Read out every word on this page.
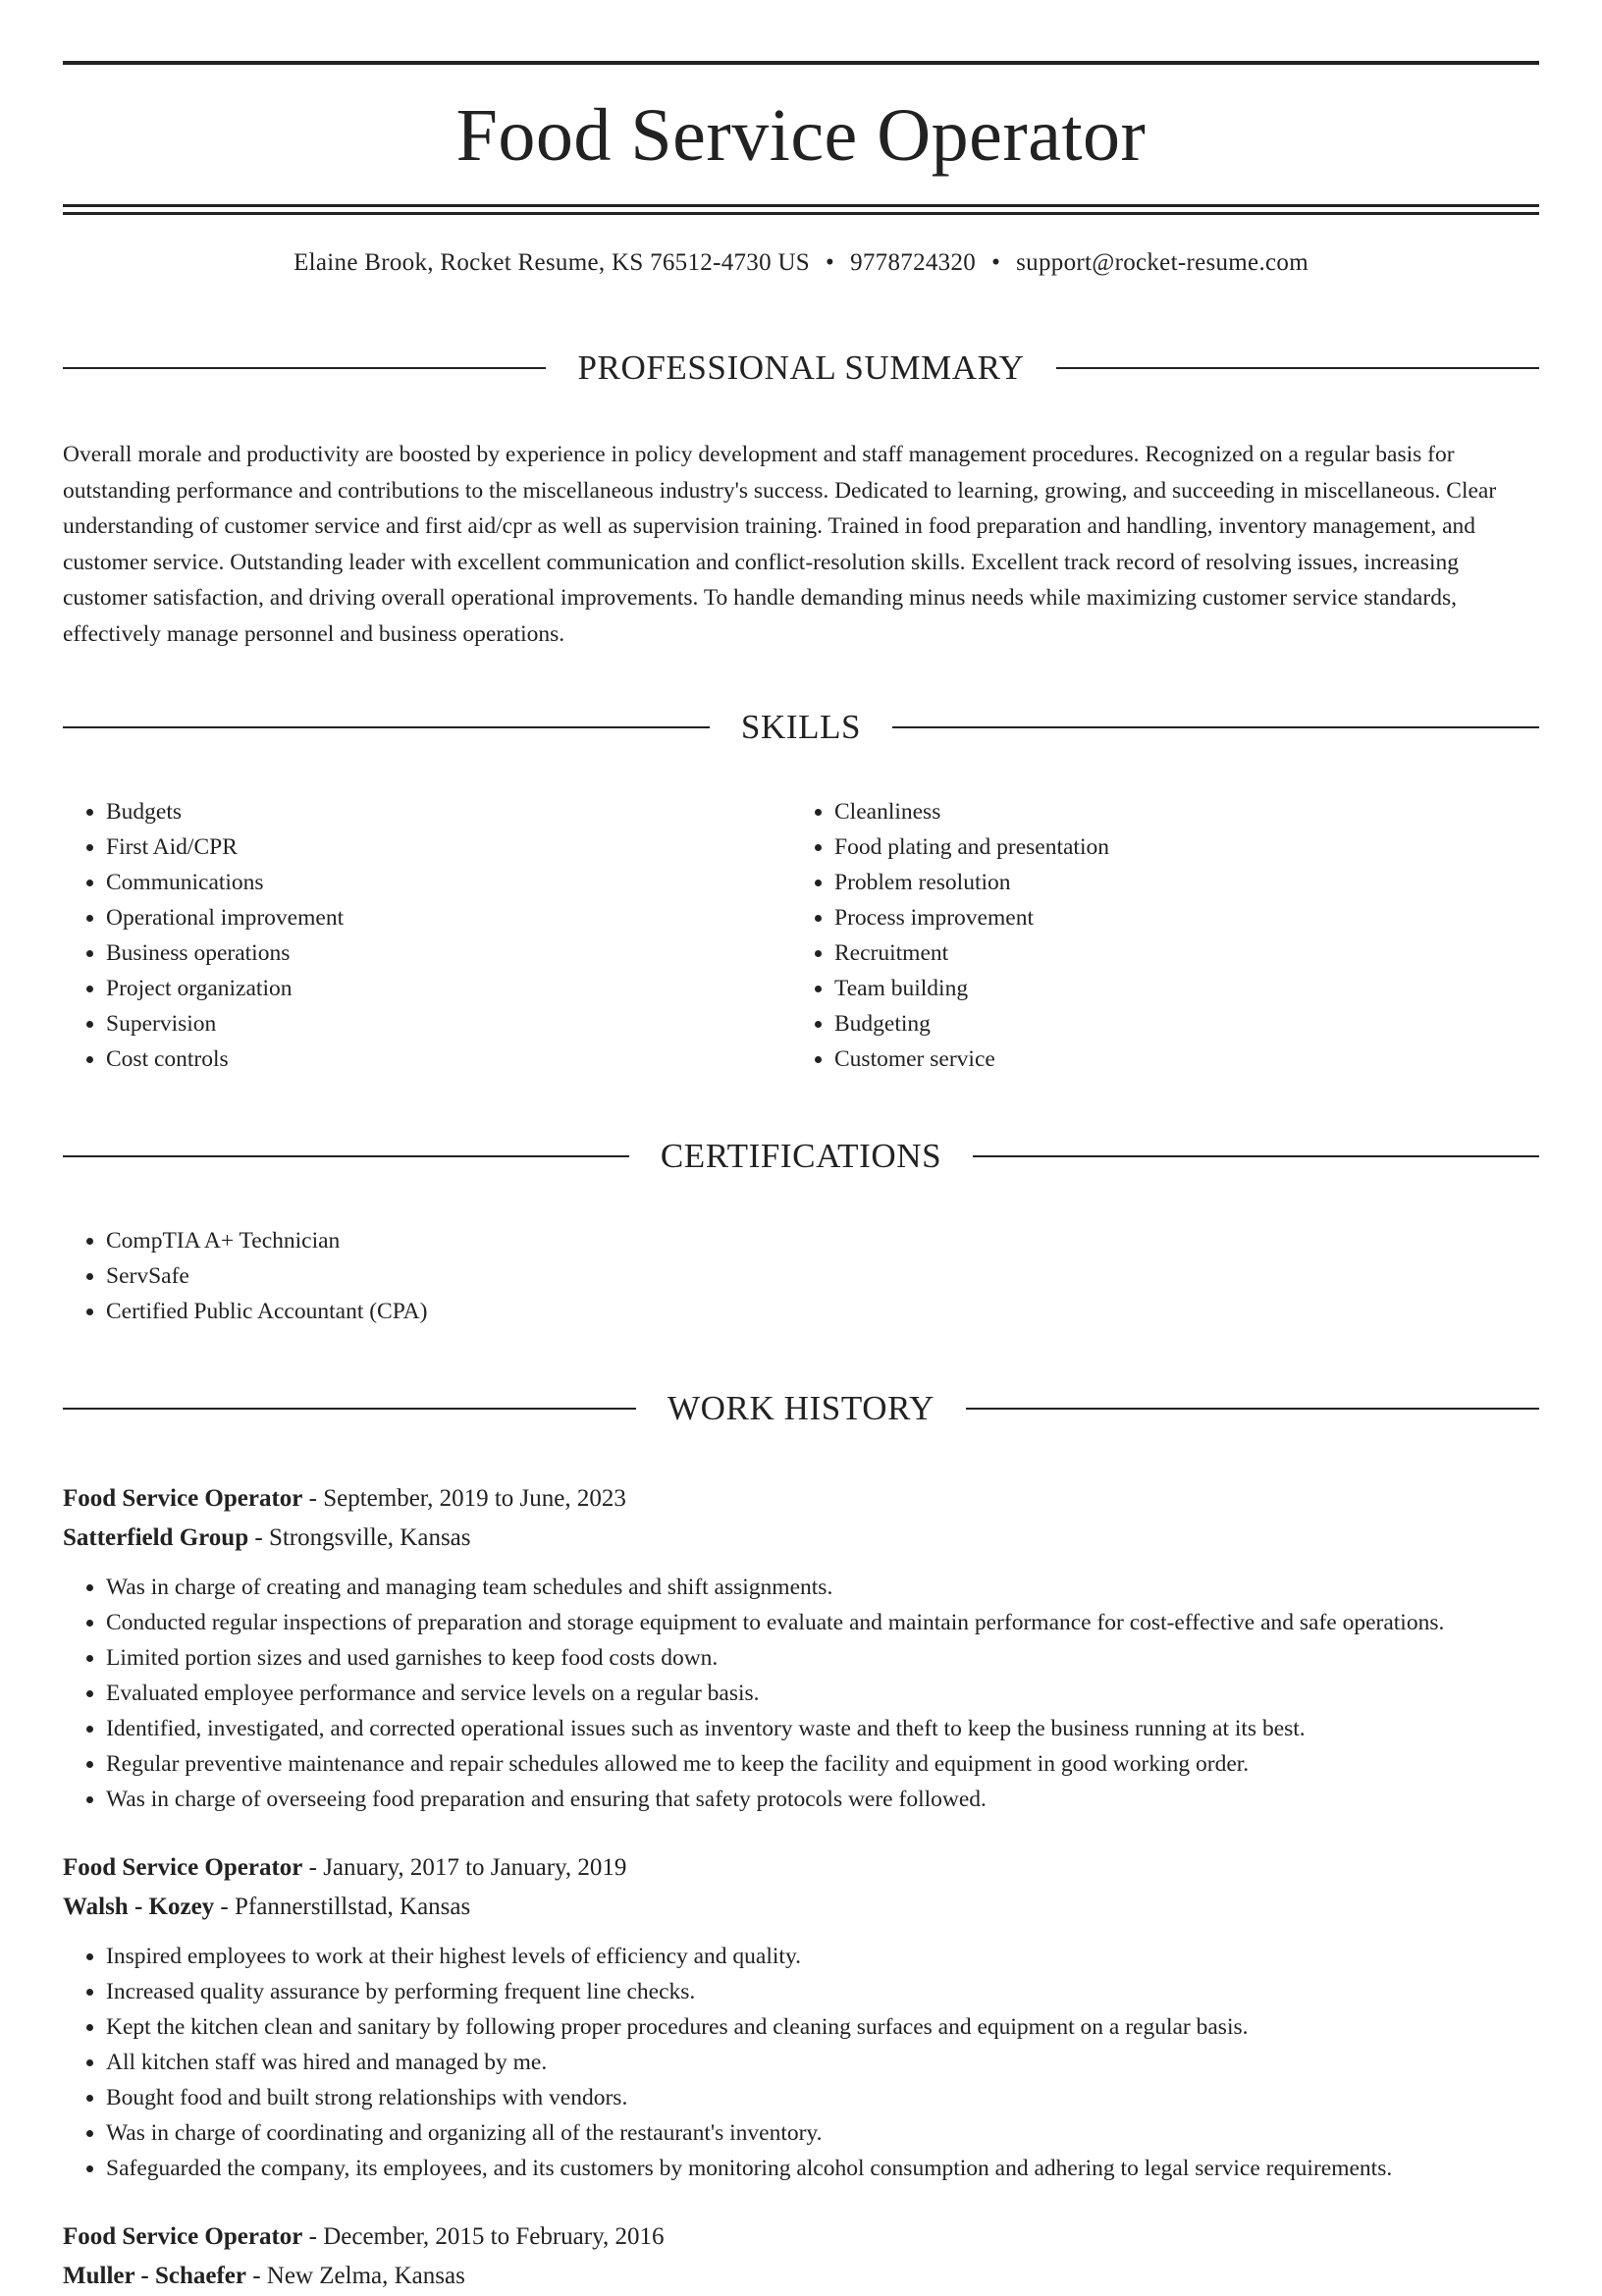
Food Service Operator
Elaine Brook, Rocket Resume, KS 76512-4730 US • 9778724320 • support@rocket-resume.com
PROFESSIONAL SUMMARY

Overall morale and productivity are boosted by experience in policy development and staff management procedures. Recognized on a regular basis for outstanding performance and contributions to the miscellaneous industry's success. Dedicated to learning, growing, and succeeding in miscellaneous. Clear understanding of customer service and first aid/cpr as well as supervision training. Trained in food preparation and handling, inventory management, and customer service. Outstanding leader with excellent communication and conflict-resolution skills. Excellent track record of resolving issues, increasing customer satisfaction, and driving overall operational improvements. To handle demanding minus needs while maximizing customer service standards, effectively manage personnel and business operations.

SKILLS
• Budgets
• First Aid/CPR
• Communications
• Operational improvement
• Business operations
• Project organization
• Supervision
• Cost controls
• Cleanliness
• Food plating and presentation
• Problem resolution
• Process improvement
• Recruitment
• Team building
• Budgeting
• Customer service
CERTIFICATIONS
• CompTIA A+ Technician
• ServSafe
• Certified Public Accountant (CPA)
WORK HISTORY
Food Service Operator - September, 2019 to June, 2023
Satterfield Group - Strongsville, Kansas
• Was in charge of creating and managing team schedules and shift assignments.
• Conducted regular inspections of preparation and storage equipment to evaluate and maintain performance for cost-effective and safe operations.
• Limited portion sizes and used garnishes to keep food costs down.
• Evaluated employee performance and service levels on a regular basis.
• Identified, investigated, and corrected operational issues such as inventory waste and theft to keep the business running at its best.
• Regular preventive maintenance and repair schedules allowed me to keep the facility and equipment in good working order.
• Was in charge of overseeing food preparation and ensuring that safety protocols were followed.
Food Service Operator - January, 2017 to January, 2019
Walsh - Kozey - Pfannerstillstad, Kansas
• Inspired employees to work at their highest levels of efficiency and quality.
• Increased quality assurance by performing frequent line checks.
• Kept the kitchen clean and sanitary by following proper procedures and cleaning surfaces and equipment on a regular basis.
• All kitchen staff was hired and managed by me.
• Bought food and built strong relationships with vendors.
• Was in charge of coordinating and organizing all of the restaurant's inventory.
• Safeguarded the company, its employees, and its customers by monitoring alcohol consumption and adhering to legal service requirements.
Food Service Operator - December, 2015 to February, 2016
Muller - Schaefer - New Zelma, Kansas
